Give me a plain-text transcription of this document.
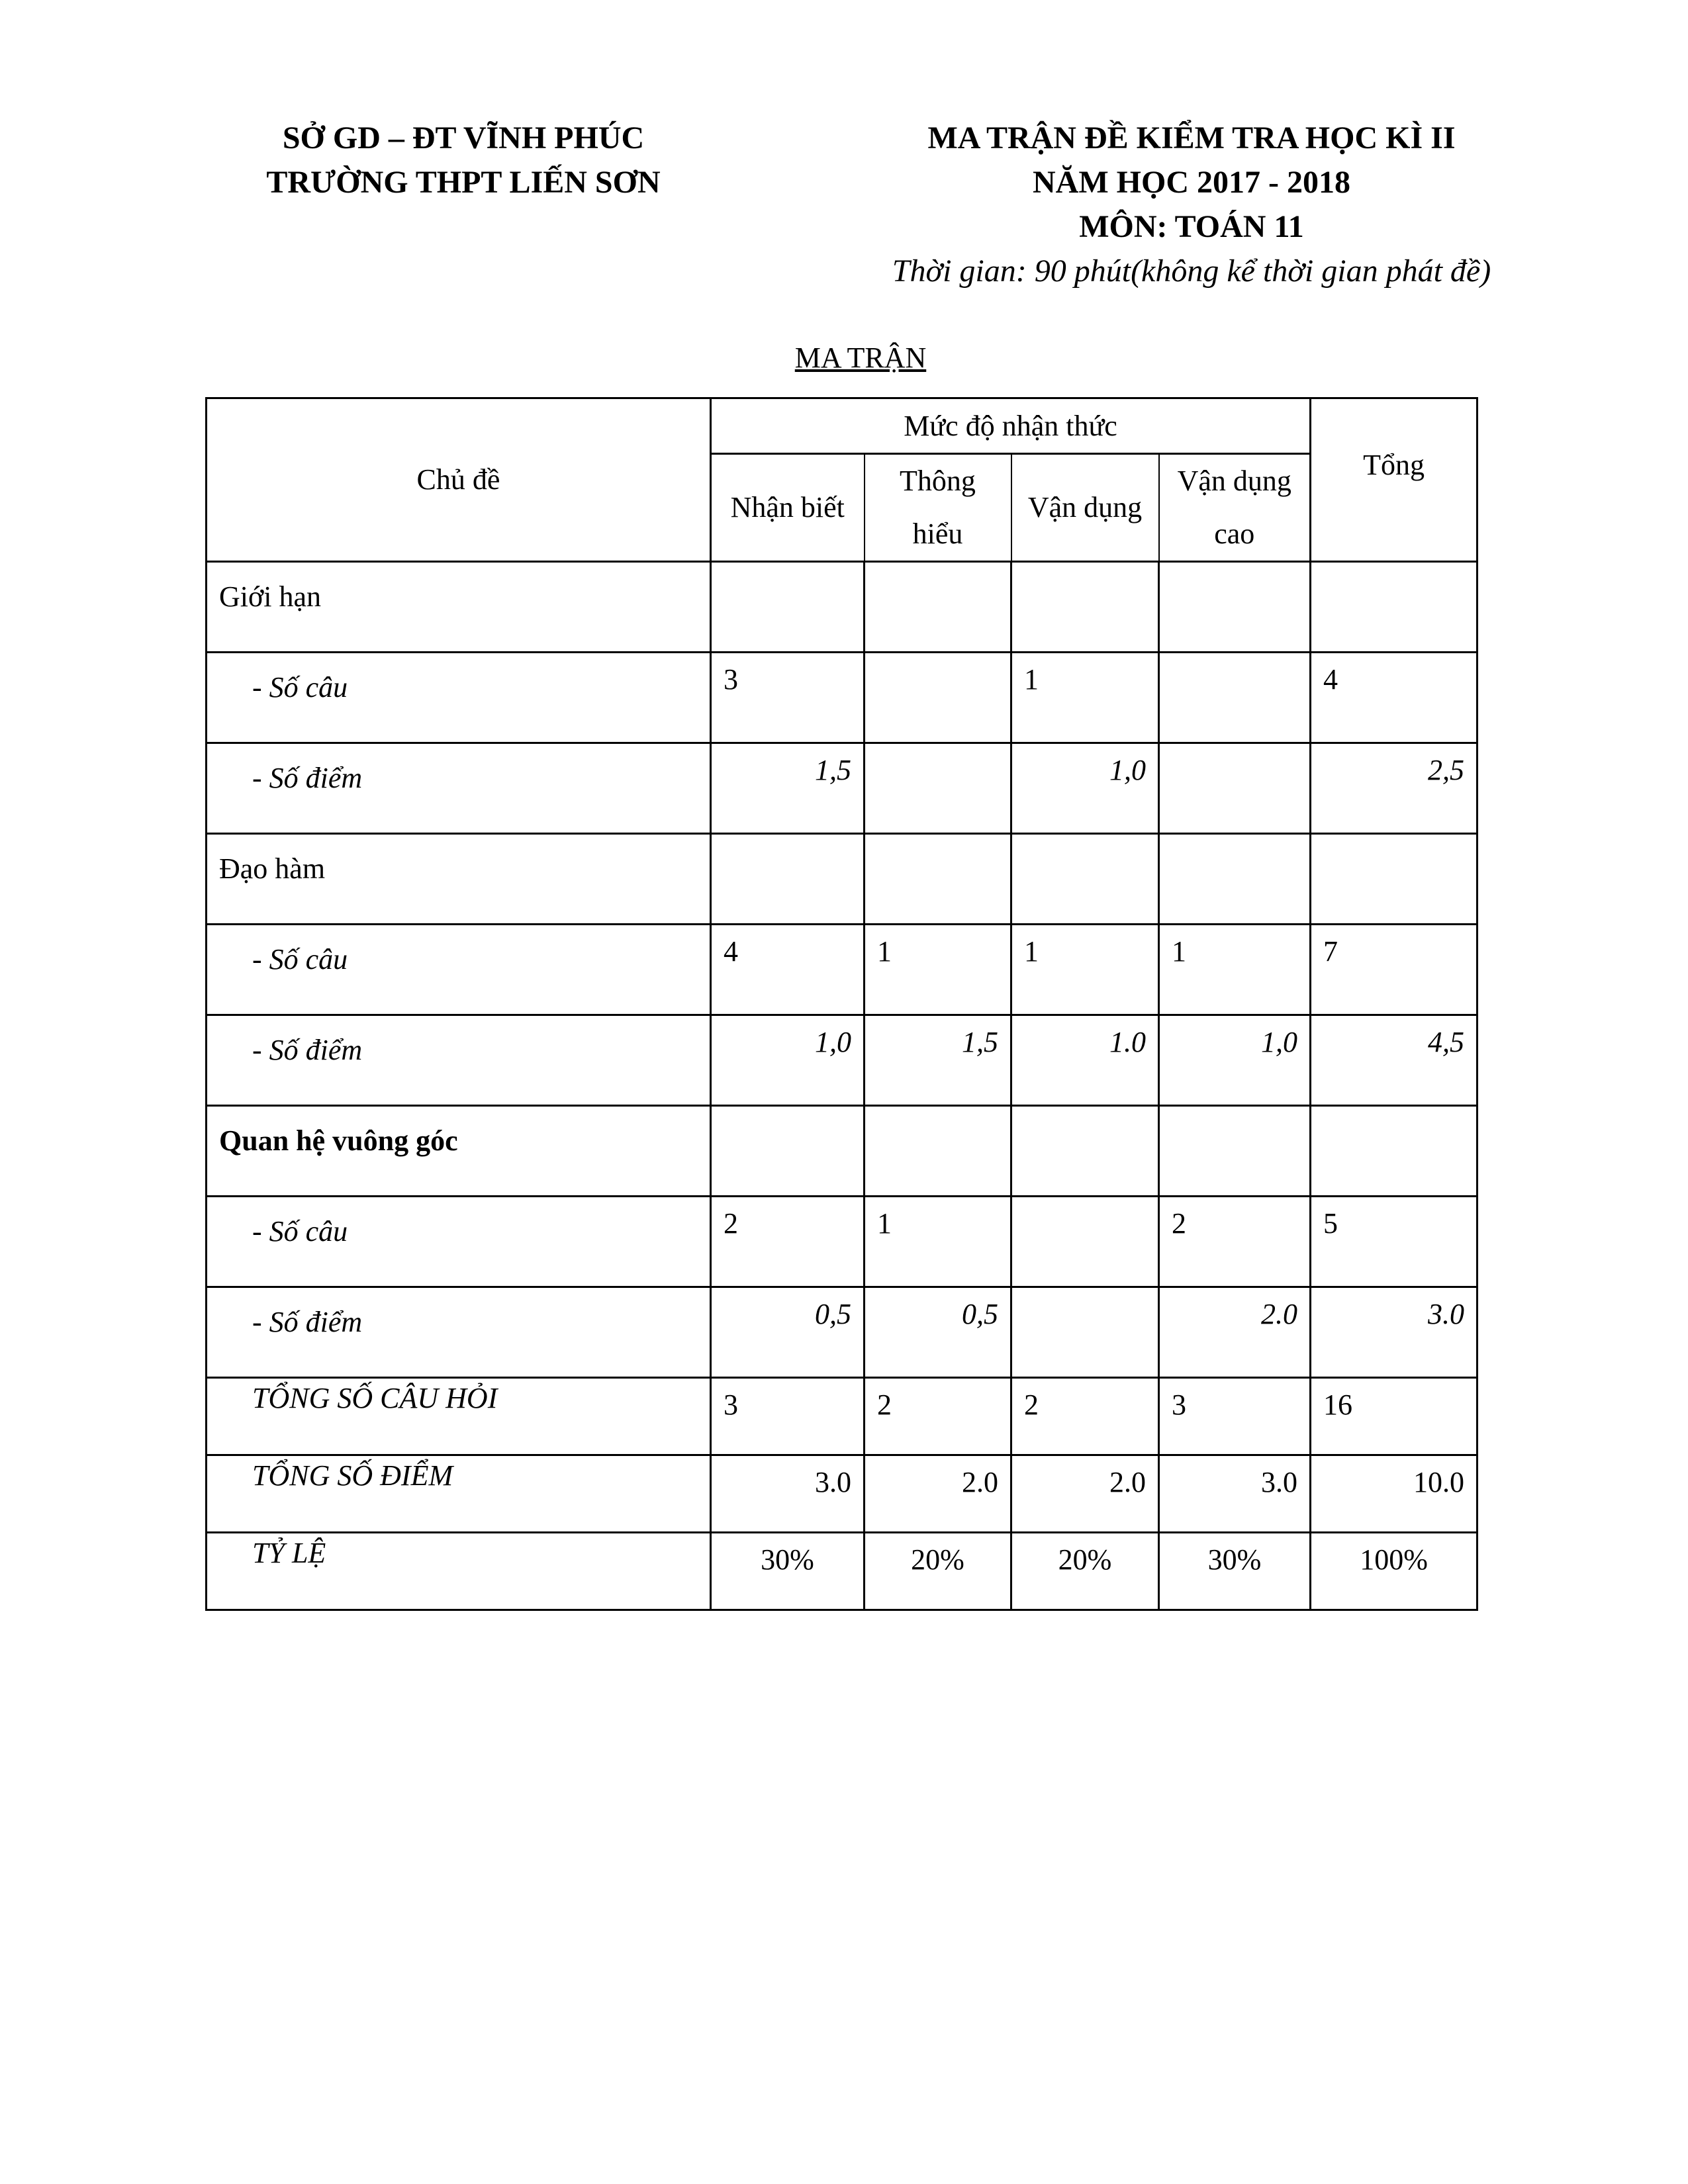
SỞ GD – ĐT VĨNH PHÚC
TRƯỜNG THPT LIẾN SƠN
MA TRẬN ĐỀ KIỂM TRA HỌC KÌ II
NĂM HỌC 2017 - 2018
MÔN: TOÁN 11
Thời gian: 90 phút(không kể thời gian phát đề)
MA TRẬN
Chủ đề	Mức độ nhận thức				Tổng
	Nhận biết	Thông hiểu	Vận dụng	Vận dụng cao	
Giới hạn					
- Số câu	3		1		4
- Số điểm	1,5		1,0		2,5
Đạo hàm					
- Số câu	4	1	1	1	7
- Số điểm	1,0	1,5	1.0	1,0	4,5
Quan hệ vuông góc					
- Số câu	2	1		2	5
- Số điểm	0,5	0,5		2.0	3.0
TỔNG SỐ CÂU HỎI	3	2	2	3	16
TỔNG SỐ ĐIỂM	3.0	2.0	2.0	3.0	10.0
TỶ LỆ	30%	20%	20%	30%	100%
